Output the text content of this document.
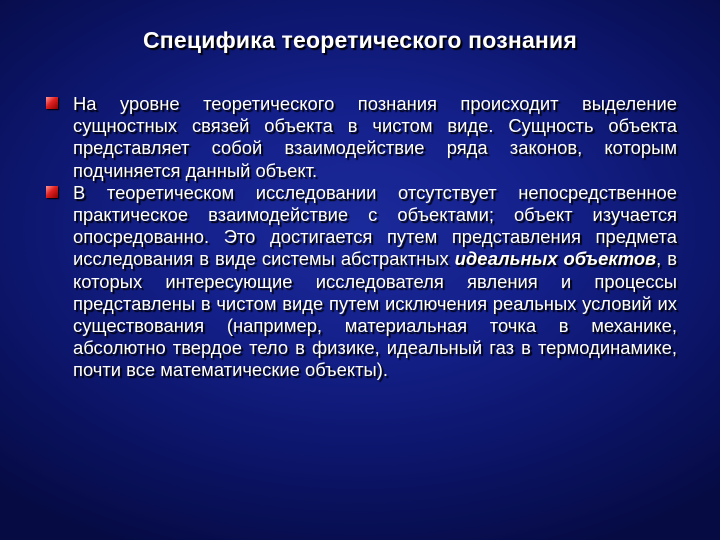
Специфика теоретического познания
На уровне теоретического познания происходит выделение сущностных связей объекта в чистом виде. Сущность объекта представляет собой взаимодействие ряда законов, которым подчиняется данный объект.
В теоретическом исследовании отсутствует непосредственное практическое взаимодействие с объектами; объект изучается опосредованно. Это достигается путем представления предмета исследования в виде системы абстрактных идеальных объектов, в которых интересующие исследователя явления и процессы представлены в чистом виде путем исключения реальных условий их существования (например, материальная точка в механике, абсолютно твердое тело в физике, идеальный газ в термодинамике, почти все математические объекты).
